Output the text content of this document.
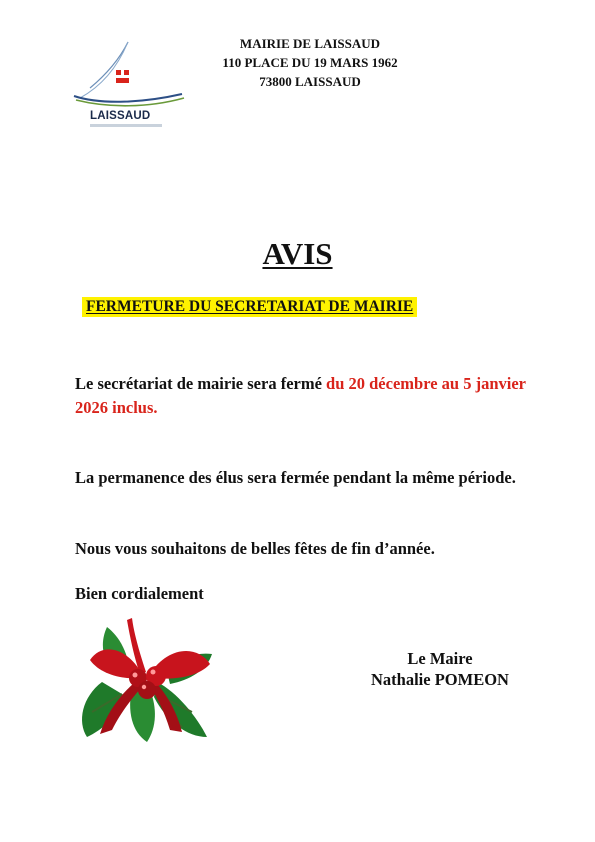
LAISSAUD
MAIRIE DE LAISSAUD
110 PLACE DU 19 MARS 1962
73800 LAISSAUD
AVIS
FERMETURE DU SECRETARIAT DE MAIRIE
Le secrétariat de mairie sera fermé du 20 décembre au 5 janvier 2026 inclus.
La permanence des élus sera fermée pendant la même période.
Nous vous souhaitons de belles fêtes de fin d’année.
Bien cordialement
Le Maire
Nathalie POMEON
